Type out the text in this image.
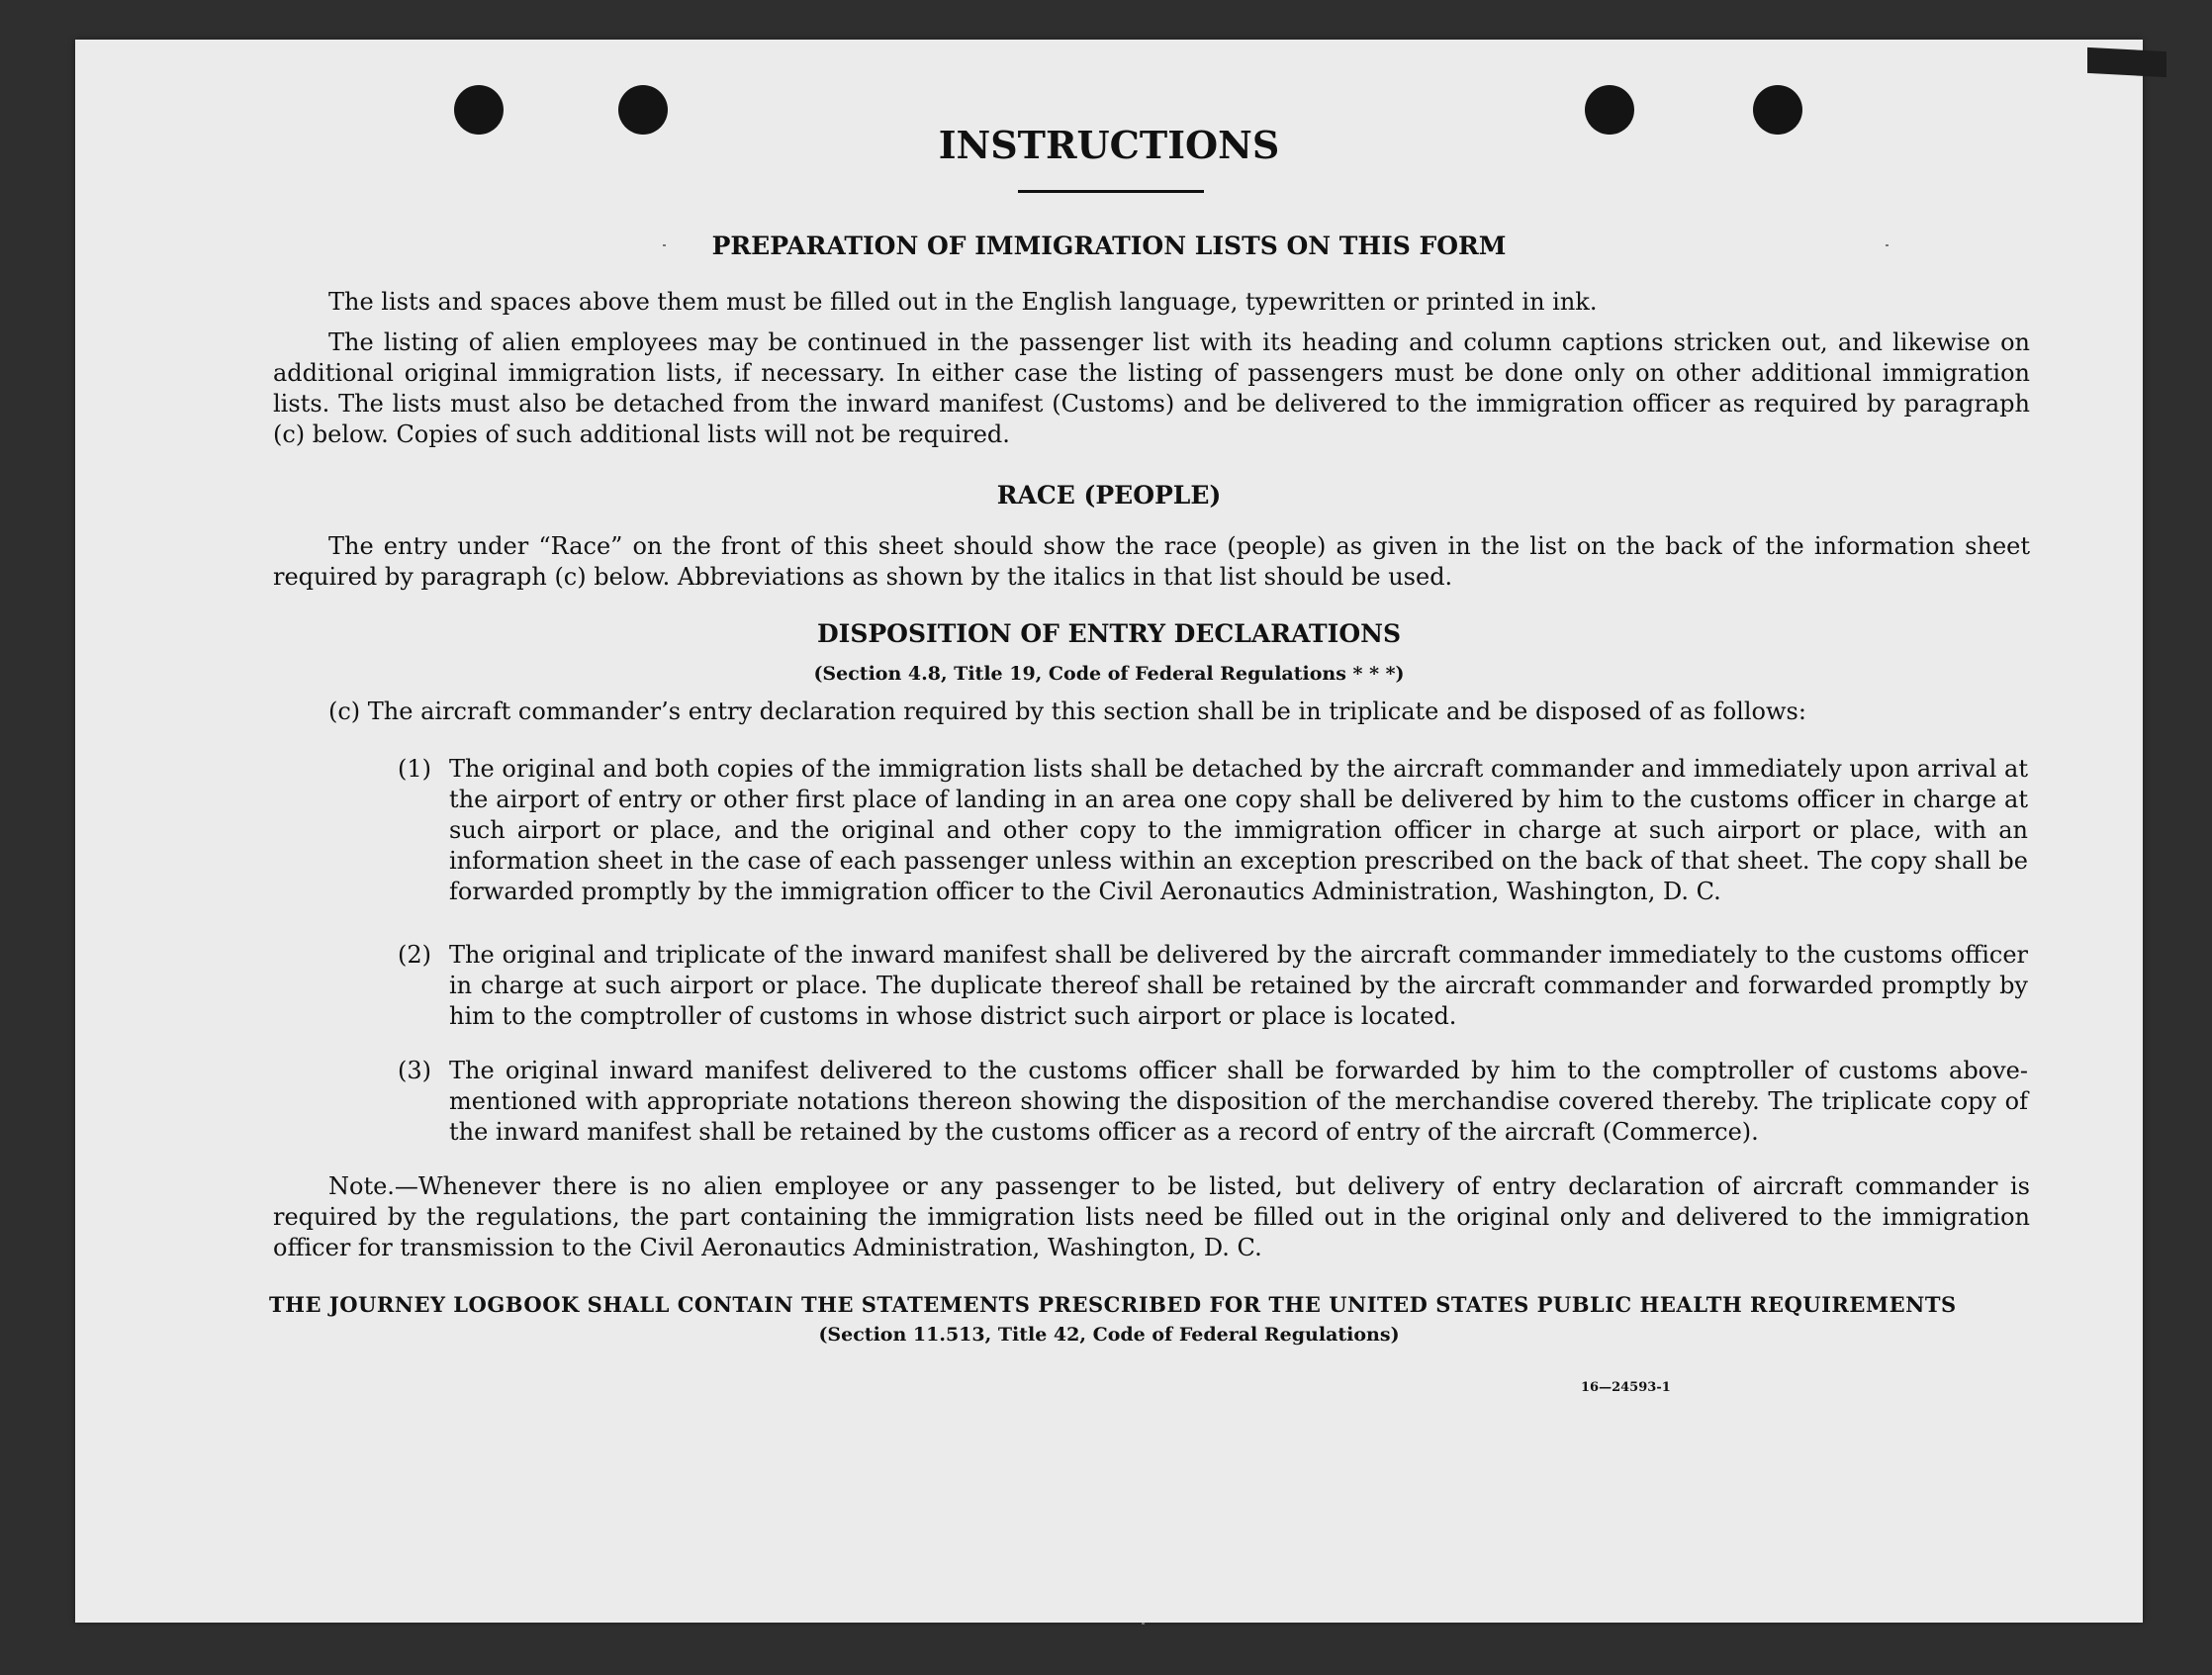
INSTRUCTIONS
PREPARATION OF IMMIGRATION LISTS ON THIS FORM

The lists and spaces above them must be filled out in the English language, typewritten or printed in ink.

The listing of alien employees may be continued in the passenger list with its heading and column captions stricken out, and likewise on additional original immigration lists, if necessary. In either case the listing of passengers must be done only on other additional immigration lists. The lists must also be detached from the inward manifest (Customs) and be delivered to the immigration officer as required by paragraph (c) below. Copies of such additional lists will not be required.

RACE (PEOPLE)

The entry under “Race” on the front of this sheet should show the race (people) as given in the list on the back of the information sheet required by paragraph (c) below. Abbreviations as shown by the italics in that list should be used.

DISPOSITION OF ENTRY DECLARATIONS

(Section 4.8, Title 19, Code of Federal Regulations * * *)

(c) The aircraft commander’s entry declaration required by this section shall be in triplicate and be disposed of as follows:

(1) The original and both copies of the immigration lists shall be detached by the aircraft commander and immediately upon arrival at the airport of entry or other first place of landing in an area one copy shall be delivered by him to the customs officer in charge at such airport or place, and the original and other copy to the immigration officer in charge at such airport or place, with an information sheet in the case of each passenger unless within an exception prescribed on the back of that sheet. The copy shall be forwarded promptly by the immigration officer to the Civil Aeronautics Administration, Washington, D. C.
(2) The original and triplicate of the inward manifest shall be delivered by the aircraft commander immediately to the customs officer in charge at such airport or place. The duplicate thereof shall be retained by the aircraft commander and forwarded promptly by him to the comptroller of customs in whose district such airport or place is located.
(3) The original inward manifest delivered to the customs officer shall be forwarded by him to the comptroller of customs above-mentioned with appropriate notations thereon showing the disposition of the merchandise covered thereby. The triplicate copy of the inward manifest shall be retained by the customs officer as a record of entry of the aircraft (Commerce).

Note.—Whenever there is no alien employee or any passenger to be listed, but delivery of entry declaration of aircraft commander is required by the regulations, the part containing the immigration lists need be filled out in the original only and delivered to the immigration officer for transmission to the Civil Aeronautics Administration, Washington, D. C.

THE JOURNEY LOGBOOK SHALL CONTAIN THE STATEMENTS PRESCRIBED FOR THE UNITED STATES PUBLIC HEALTH REQUIREMENTS

(Section 11.513, Title 42, Code of Federal Regulations)

16—24593-1
